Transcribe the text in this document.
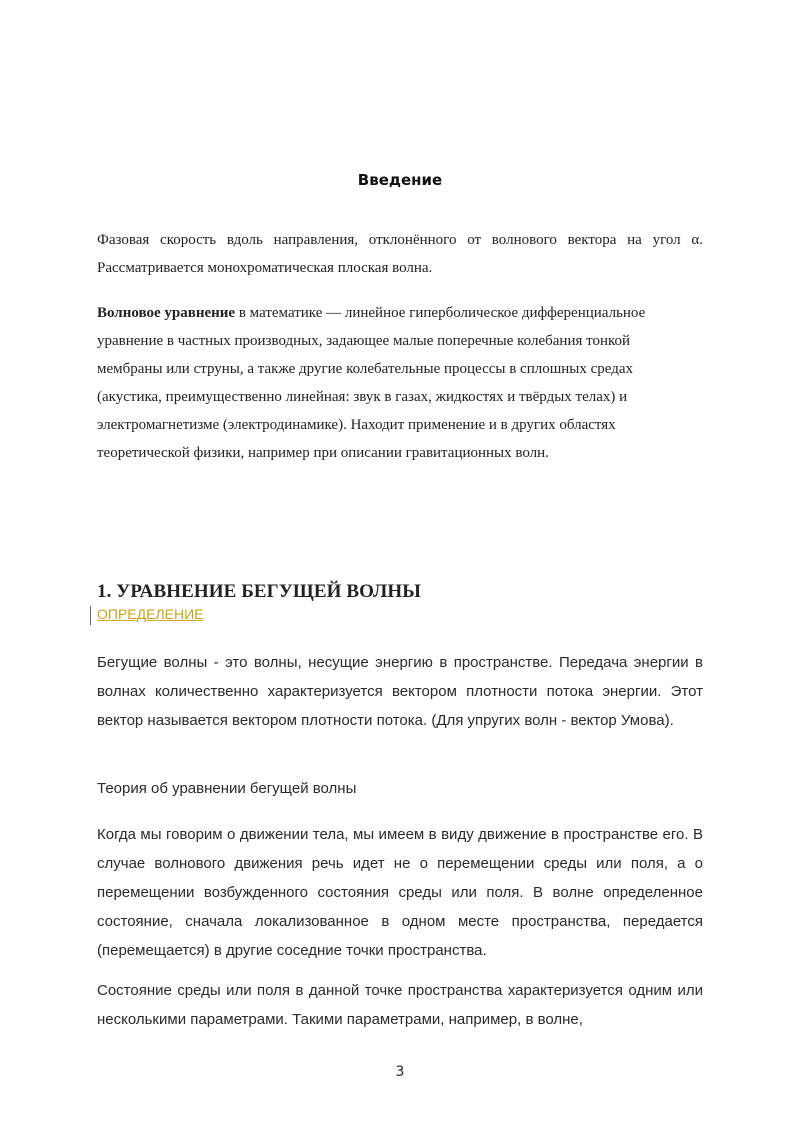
Введение

Фазовая скорость вдоль направления, отклонённого от волнового вектора на угол α. Рассматривается монохроматическая плоская волна.

Волновое уравнение в математике — линейное гиперболическое дифференциальное
уравнение в частных производных, задающее малые поперечные колебания тонкой
мембраны или струны, а также другие колебательные процессы в сплошных средах
(акустика, преимущественно линейная: звук в газах, жидкостях и твёрдых телах) и
электромагнетизме (электродинамике). Находит применение и в других областях
теоретической физики, например при описании гравитационных волн.
1. УРАВНЕНИЕ БЕГУЩЕЙ ВОЛНЫ
ОПРЕДЕЛЕНИЕ

Бегущие волны - это волны, несущие энергию в пространстве. Передача энергии в волнах количественно характеризуется вектором плотности потока энергии. Этот вектор называется вектором плотности потока. (Для упругих волн - вектор Умова).

Теория об уравнении бегущей волны

Когда мы говорим о движении тела, мы имеем в виду движение в пространстве его. В случае волнового движения речь идет не о перемещении среды или поля, а о перемещении возбужденного состояния среды или поля. В волне определенное состояние, сначала локализованное в одном месте пространства, передается (перемещается) в другие соседние точки пространства.

Состояние среды или поля в данной точке пространства характеризуется одним или несколькими параметрами. Такими параметрами, например, в волне,

3
